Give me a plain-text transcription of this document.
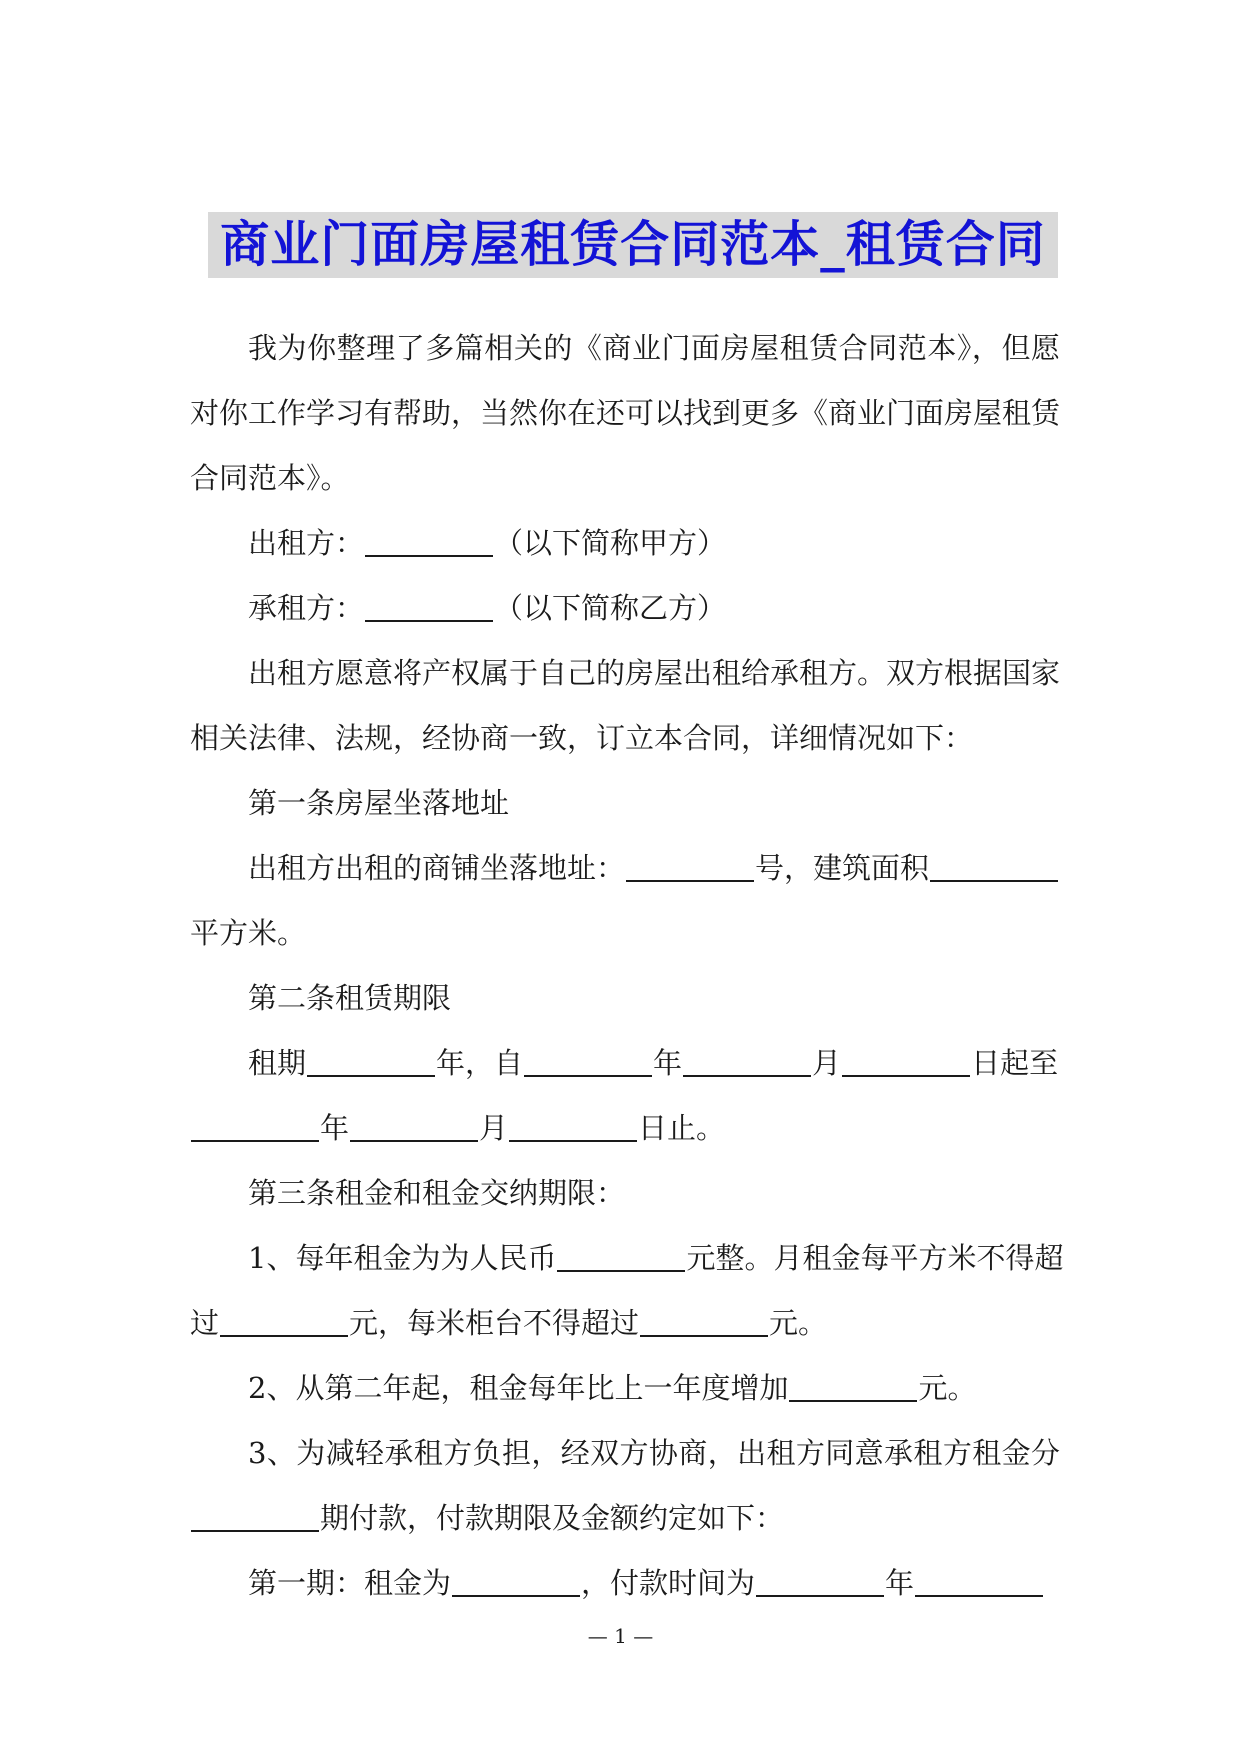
商业门面房屋租赁合同范本_租赁合同
我为你整理了多篇相关的《商业门面房屋租赁合同范本》，但愿
对你工作学习有帮助，当然你在还可以找到更多《商业门面房屋租赁
合同范本》。
出租方：	（以下简称甲方）
承租方：	（以下简称乙方）
出租方愿意将产权属于自己的房屋出租给承租方。双方根据国家
相关法律、法规，经协商一致，订立本合同，详细情况如下：
第一条房屋坐落地址
出租方出租的商铺坐落地址：	号，建筑面积
平方米。
第二条租赁期限
租期	年，自	年	月	日起至
年	月	日止。
第三条租金和租金交纳期限：
1、每年租金为为人民币	元整。月租金每平方米不得超
过	元，每米柜台不得超过	元。
2、从第二年起，租金每年比上一年度增加	元。
3、为减轻承租方负担，经双方协商，出租方同意承租方租金分
期付款，付款期限及金额约定如下：
第一期：租金为	，付款时间为	年
— 1 —
